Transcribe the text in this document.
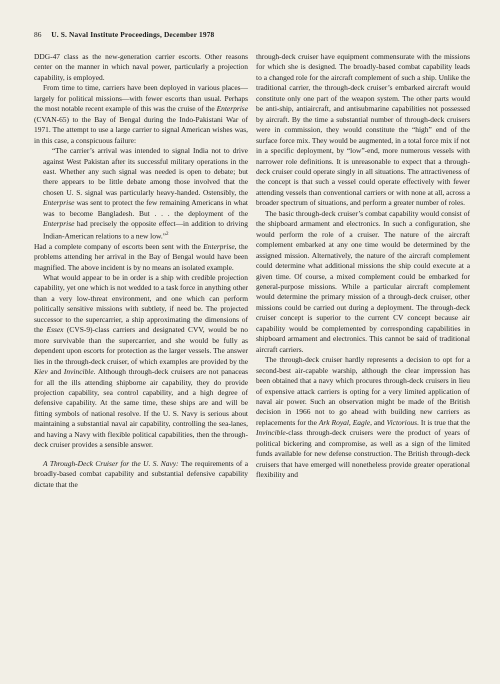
86 U. S. Naval Institute Proceedings, December 1978

DDG-47 class as the new-generation carrier escorts. Other reasons center on the manner in which naval power, particularly a projection capability, is employed.

From time to time, carriers have been deployed in various places—largely for political missions—with fewer escorts than usual. Perhaps the most notable recent example of this was the cruise of the Enterprise (CVAN-65) to the Bay of Bengal during the Indo-Pakistani War of 1971. The attempt to use a large carrier to signal American wishes was, in this case, a conspicuous failure:

“The carrier’s arrival was intended to signal India not to drive against West Pakistan after its successful military operations in the east. Whether any such signal was needed is open to debate; but there appears to be little debate among those involved that the chosen U. S. signal was particularly heavy-handed. Ostensibly, the Enterprise was sent to protect the few remaining Americans in what was to become Bangladesh. But . . . the deployment of the Enterprise had precisely the opposite effect—in addition to driving Indian-American relations to a new low.”$^2$

Had a complete company of escorts been sent with the Enterprise, the problems attending her arrival in the Bay of Bengal would have been magnified. The above incident is by no means an isolated example.

What would appear to be in order is a ship with credible projection capability, yet one which is not wedded to a task force in anything other than a very low-threat environment, and one which can perform politically sensitive missions with subtlety, if need be. The projected successor to the supercarrier, a ship approximating the dimensions of the Essex (CVS-9)-class carriers and designated CVV, would be no more survivable than the supercarrier, and she would be fully as dependent upon escorts for protection as the larger vessels. The answer lies in the through-deck cruiser, of which examples are provided by the Kiev and Invincible. Although through-deck cruisers are not panaceas for all the ills attending shipborne air capability, they do provide projection capability, sea control capability, and a high degree of defensive capability. At the same time, these ships are and will be fitting symbols of national resolve. If the U. S. Navy is serious about maintaining a substantial naval air capability, controlling the sea-lanes, and having a Navy with flexible political capabilities, then the through-deck cruiser provides a sensible answer.

A Through-Deck Cruiser for the U. S. Navy: The requirements of a broadly-based combat capability and substantial defensive capability dictate that the

through-deck cruiser have equipment commensurate with the missions for which she is designed. The broadly-based combat capability leads to a changed role for the aircraft complement of such a ship. Unlike the traditional carrier, the through-deck cruiser’s embarked aircraft would constitute only one part of the weapon system. The other parts would be anti-ship, antiaircraft, and antisubmarine capabilities not possessed by aircraft. By the time a substantial number of through-deck cruisers were in commission, they would constitute the “high” end of the surface force mix. They would be augmented, in a total force mix if not in a specific deployment, by “low”-end, more numerous vessels with narrower role definitions. It is unreasonable to expect that a through-deck cruiser could operate singly in all situations. The attractiveness of the concept is that such a vessel could operate effectively with fewer attending vessels than conventional carriers or with none at all, across a broader spectrum of situations, and perform a greater number of roles.

The basic through-deck cruiser’s combat capability would consist of the shipboard armament and electronics. In such a configuration, she would perform the role of a cruiser. The nature of the aircraft complement embarked at any one time would be determined by the assigned mission. Alternatively, the nature of the aircraft complement could determine what additional missions the ship could execute at a given time. Of course, a mixed complement could be embarked for general-purpose missions. While a particular aircraft complement would determine the primary mission of a through-deck cruiser, other missions could be carried out during a deployment. The through-deck cruiser concept is superior to the current CV concept because air capability would be complemented by corresponding capabilities in shipboard armament and electronics. This cannot be said of traditional aircraft carriers.

The through-deck cruiser hardly represents a decision to opt for a second-best air-capable warship, although the clear impression has been obtained that a navy which procures through-deck cruisers in lieu of expensive attack carriers is opting for a very limited application of naval air power. Such an observation might be made of the British decision in 1966 not to go ahead with building new carriers as replacements for the Ark Royal, Eagle, and Victorious. It is true that the Invincible-class through-deck cruisers were the product of years of political bickering and compromise, as well as a sign of the limited funds available for new defense construction. The British through-deck cruisers that have emerged will nonetheless provide greater operational flexibility and
